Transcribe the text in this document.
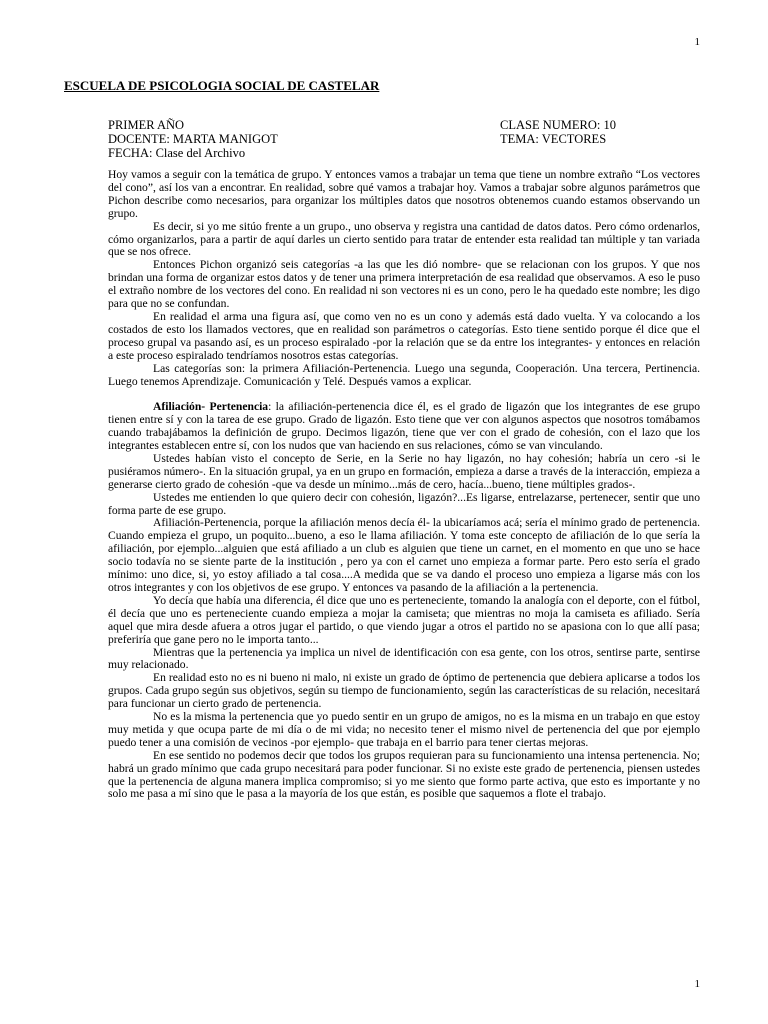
1
ESCUELA DE PSICOLOGIA SOCIAL DE CASTELAR
PRIMER AÑO	CLASE NUMERO: 10
DOCENTE: MARTA MANIGOT	TEMA: VECTORES
FECHA: Clase del Archivo

Hoy vamos a seguir con la temática de grupo. Y entonces vamos a trabajar un tema que tiene un nombre extraño “Los vectores del cono”, así los van a encontrar. En realidad, sobre qué vamos a trabajar hoy. Vamos a trabajar sobre algunos parámetros que Pichon describe como necesarios, para organizar los múltiples datos que nosotros obtenemos cuando estamos observando un grupo.

Es decir, si yo me sitúo frente a un grupo., uno observa y registra una cantidad de datos datos. Pero cómo ordenarlos, cómo organizarlos, para a partir de aquí darles un cierto sentido para tratar de entender esta realidad tan múltiple y tan variada que se nos ofrece.

Entonces Pichon organizó seis categorías -a las que les dió nombre- que se relacionan con los grupos. Y que nos brindan una forma de organizar estos datos y de tener una primera interpretación de esa realidad que observamos. A eso le puso el extraño nombre de los vectores del cono. En realidad ni son vectores ni es un cono, pero le ha quedado este nombre; les digo para que no se confundan.

En realidad el arma una figura así, que como ven no es un cono y además está dado vuelta. Y va colocando a los costados de esto los llamados vectores, que en realidad son parámetros o categorías. Esto tiene sentido porque él dice que el proceso grupal va pasando así, es un proceso espiralado -por la relación que se da entre los integrantes- y entonces en relación a este proceso espiralado tendríamos nosotros estas categorías.

Las categorías son: la primera Afiliación-Pertenencia. Luego una segunda, Cooperación. Una tercera, Pertinencia. Luego tenemos Aprendizaje. Comunicación y Telé. Después vamos a explicar.

Afiliación- Pertenencia: la afiliación-pertenencia dice él, es el grado de ligazón que los integrantes de ese grupo tienen entre sí y con la tarea de ese grupo. Grado de ligazón. Esto tiene que ver con algunos aspectos que nosotros tomábamos cuando trabajábamos la definición de grupo. Decimos ligazón, tiene que ver con el grado de cohesión, con el lazo que los integrantes establecen entre sí, con los nudos que van haciendo en sus relaciones, cómo se van vinculando.

Ustedes habían visto el concepto de Serie, en la Serie no hay ligazón, no hay cohesión; habría un cero -si le pusiéramos número-. En la situación grupal, ya en un grupo en formación, empieza a darse a través de la interacción, empieza a generarse cierto grado de cohesión -que va desde un mínimo...más de cero, hacía...bueno, tiene múltiples grados-.

Ustedes me entienden lo que quiero decir con cohesión, ligazón?...Es ligarse, entrelazarse, pertenecer, sentir que uno forma parte de ese grupo.

Afiliación-Pertenencia, porque la afiliación menos decía él- la ubicaríamos acá; sería el mínimo grado de pertenencia. Cuando empieza el grupo, un poquito...bueno, a eso le llama afiliación. Y toma este concepto de afiliación de lo que sería la afiliación, por ejemplo...alguien que está afiliado a un club es alguien que tiene un carnet, en el momento en que uno se hace socio todavía no se siente parte de la institución , pero ya con el carnet uno empieza a formar parte. Pero esto sería el grado mínimo: uno dice, si, yo estoy afiliado a tal cosa....A medida que se va dando el proceso uno empieza a ligarse más con los otros integrantes y con los objetivos de ese grupo. Y entonces va pasando de la afiliación a la pertenencia.

Yo decía que había una diferencia, él dice que uno es perteneciente, tomando la analogía con el deporte, con el fútbol, él decía que uno es perteneciente cuando empieza a mojar la camiseta; que mientras no moja la camiseta es afiliado. Sería aquel que mira desde afuera a otros jugar el partido, o que viendo jugar a otros el partido no se apasiona con lo que allí pasa; preferiría que gane pero no le importa tanto...

Mientras que la pertenencia ya implica un nivel de identificación con esa gente, con los otros, sentirse parte, sentirse muy relacionado.

En realidad esto no es ni bueno ni malo, ni existe un grado de óptimo de pertenencia que debiera aplicarse a todos los grupos. Cada grupo según sus objetivos, según su tiempo de funcionamiento, según las características de su relación, necesitará para funcionar un cierto grado de pertenencia.

No es la misma la pertenencia que yo puedo sentir en un grupo de amigos, no es la misma en un trabajo en que estoy muy metida y que ocupa parte de mi día o de mi vida; no necesito tener el mismo nivel de pertenencia del que por ejemplo puedo tener a una comisión de vecinos -por ejemplo- que trabaja en el barrio para tener ciertas mejoras.

En ese sentido no podemos decir que todos los grupos requieran para su funcionamiento una intensa pertenencia. No; habrá un grado mínimo que cada grupo necesitará para poder funcionar. Si no existe este grado de pertenencia, piensen ustedes que la pertenencia de alguna manera implica compromiso; si yo me siento que formo parte activa, que esto es importante y no solo me pasa a mí sino que le pasa a la mayoría de los que están, es posible que saquemos a flote el trabajo.

1
